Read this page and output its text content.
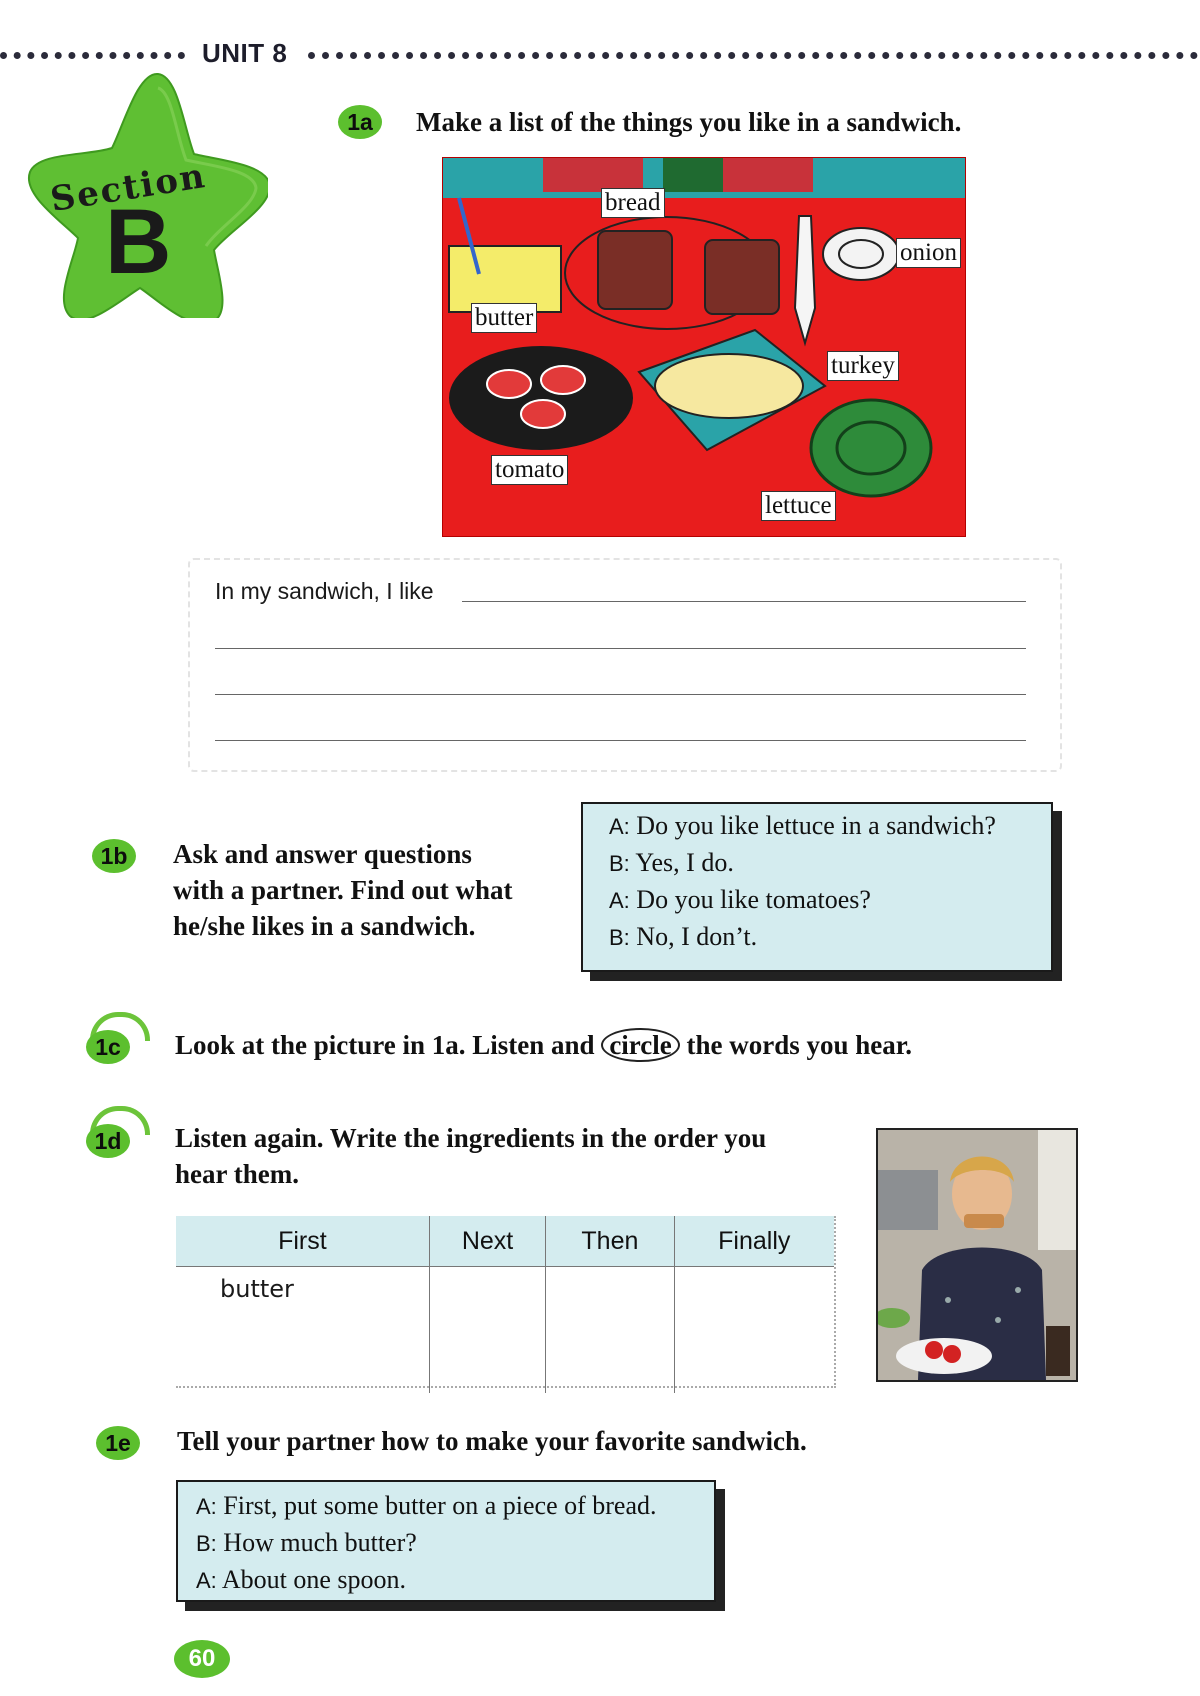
UNIT 8
Section
B
1a	Make a list of the things you like in a sandwich.
bread
onion
butter
turkey
tomato
lettuce
In my sandwich, I like
1b	Ask and answer questions
with a partner. Find out what
he/she likes in a sandwich.
A: Do you like lettuce in a sandwich?
B: Yes, I do.
A: Do you like tomatoes?
B: No, I don’t.
1c	Look at the picture in 1a. Listen and circle the words you hear.
1d	Listen again. Write the ingredients in the order you
hear them.
First	Next	Then	Finally
butter			
1e	Tell your partner how to make your favorite sandwich.
A: First, put some butter on a piece of bread.
B: How much butter?
A: About one spoon.
60
